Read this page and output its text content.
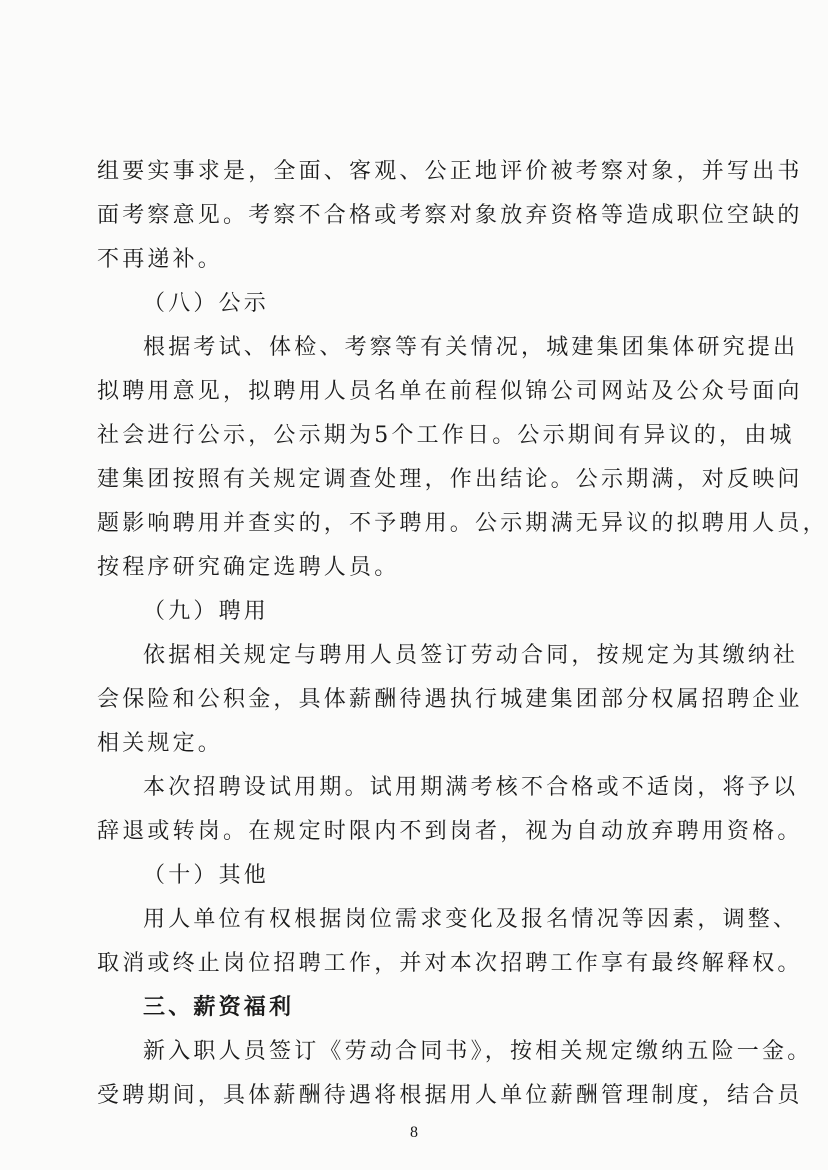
组要实事求是，全面、客观、公正地评价被考察对象，并写出书
面考察意见。考察不合格或考察对象放弃资格等造成职位空缺的
不再递补。
（八）公示
根据考试、体检、考察等有关情况，城建集团集体研究提出
拟聘用意见，拟聘用人员名单在前程似锦公司网站及公众号面向
社会进行公示，公示期为5个工作日。公示期间有异议的，由城
建集团按照有关规定调查处理，作出结论。公示期满，对反映问
题影响聘用并查实的，不予聘用。公示期满无异议的拟聘用人员，
按程序研究确定选聘人员。
（九）聘用
依据相关规定与聘用人员签订劳动合同，按规定为其缴纳社
会保险和公积金，具体薪酬待遇执行城建集团部分权属招聘企业
相关规定。
本次招聘设试用期。试用期满考核不合格或不适岗，将予以
辞退或转岗。在规定时限内不到岗者，视为自动放弃聘用资格。
（十）其他
用人单位有权根据岗位需求变化及报名情况等因素，调整、
取消或终止岗位招聘工作，并对本次招聘工作享有最终解释权。
三、薪资福利
新入职人员签订《劳动合同书》，按相关规定缴纳五险一金。
受聘期间，具体薪酬待遇将根据用人单位薪酬管理制度，结合员
8
